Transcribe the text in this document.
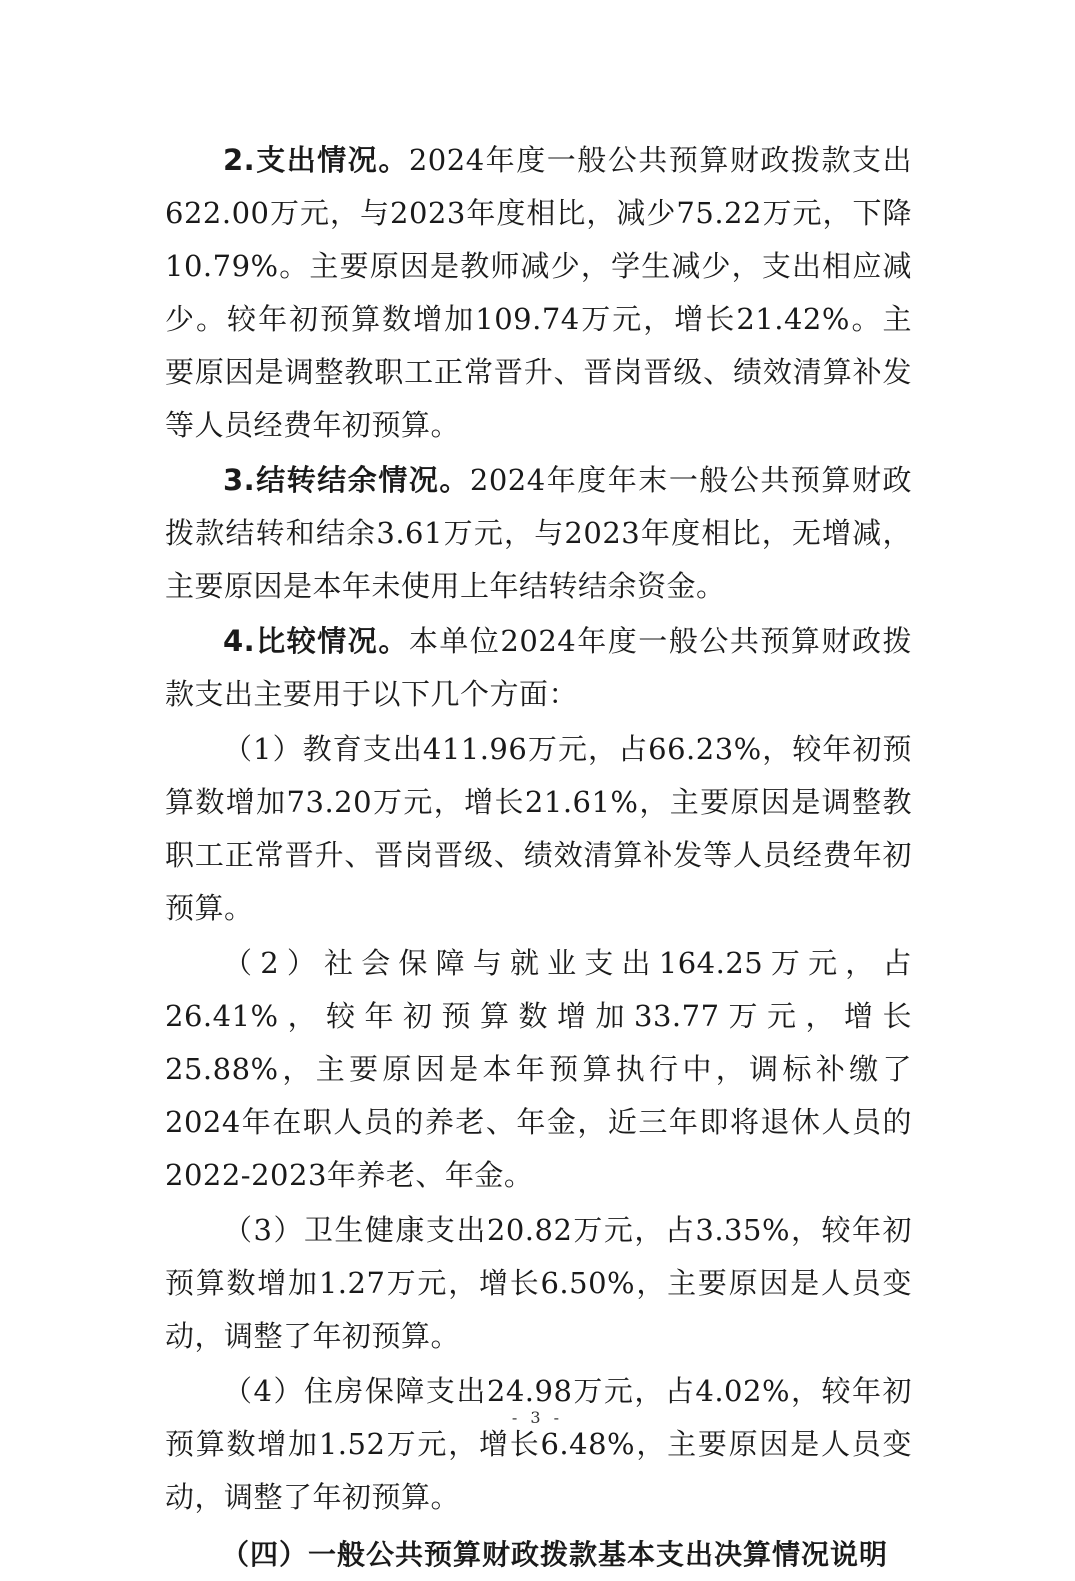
2.支出情况。2024年度一般公共预算财政拨款支出622.00万元，与2023年度相比，减少75.22万元，下降10.79%。主要原因是教师减少，学生减少，支出相应减少。较年初预算数增加109.74万元，增长21.42%。主要原因是调整教职工正常晋升、晋岗晋级、绩效清算补发等人员经费年初预算。

3.结转结余情况。2024年度年末一般公共预算财政拨款结转和结余3.61万元，与2023年度相比，无增减，主要原因是本年未使用上年结转结余资金。

4.比较情况。本单位2024年度一般公共预算财政拨款支出主要用于以下几个方面：

（1）教育支出411.96万元，占66.23%，较年初预算数增加73.20万元，增长21.61%，主要原因是调整教职工正常晋升、晋岗晋级、绩效清算补发等人员经费年初预算。

（2）社会保障与就业支出164.25万元，占26.41%，较年初预算数增加33.77万元，增长25.88%，主要原因是本年预算执行中，调标补缴了2024年在职人员的养老、年金，近三年即将退休人员的2022-2023年养老、年金。

（3）卫生健康支出20.82万元，占3.35%，较年初预算数增加1.27万元，增长6.50%，主要原因是人员变动，调整了年初预算。

（4）住房保障支出24.98万元，占4.02%，较年初预算数增加1.52万元，增长6.48%，主要原因是人员变动，调整了年初预算。

（四）一般公共预算财政拨款基本支出决算情况说明

- 3 -
